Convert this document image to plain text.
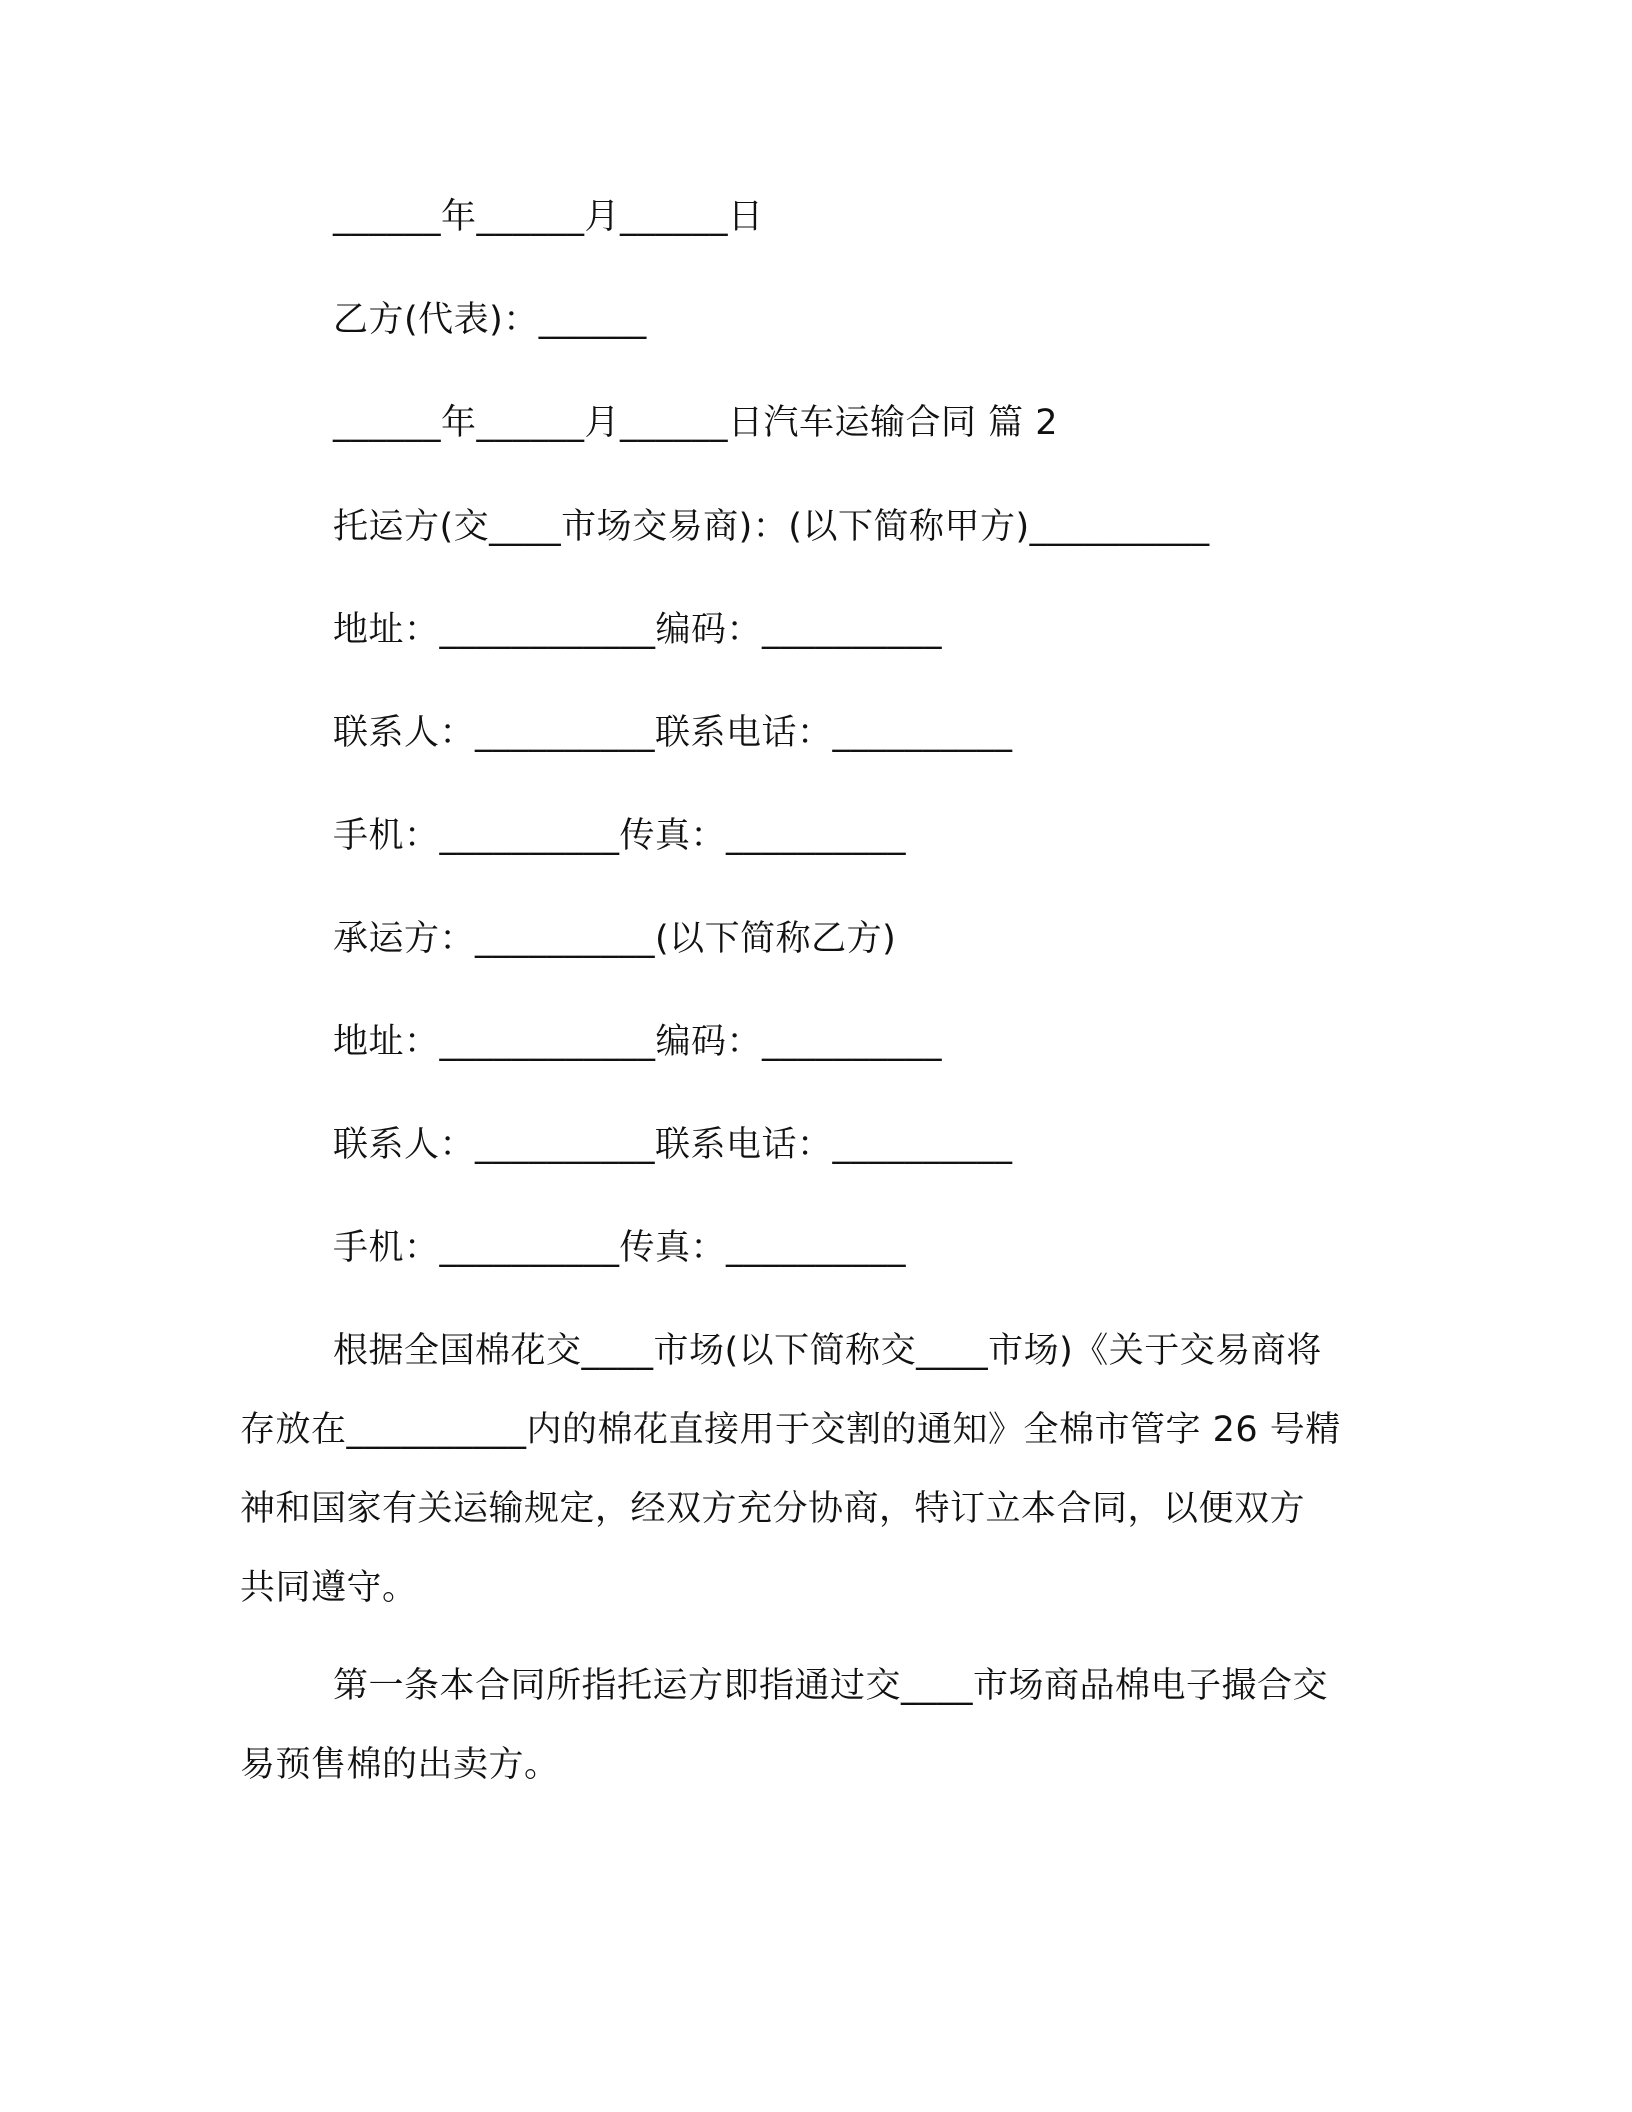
______年______月______日
乙方(代表)：______
______年______月______日汽车运输合同 篇 2
托运方(交____市场交易商)：(以下简称甲方)__________
地址：____________编码：__________
联系人：__________联系电话：__________
手机：__________传真：__________
承运方：__________(以下简称乙方)
地址：____________编码：__________
联系人：__________联系电话：__________
手机：__________传真：__________
根据全国棉花交____市场(以下简称交____市场)《关于交易商将
存放在__________内的棉花直接用于交割的通知》全棉市管字 26 号精
神和国家有关运输规定，经双方充分协商，特订立本合同，以便双方
共同遵守。
第一条本合同所指托运方即指通过交____市场商品棉电子撮合交
易预售棉的出卖方。
